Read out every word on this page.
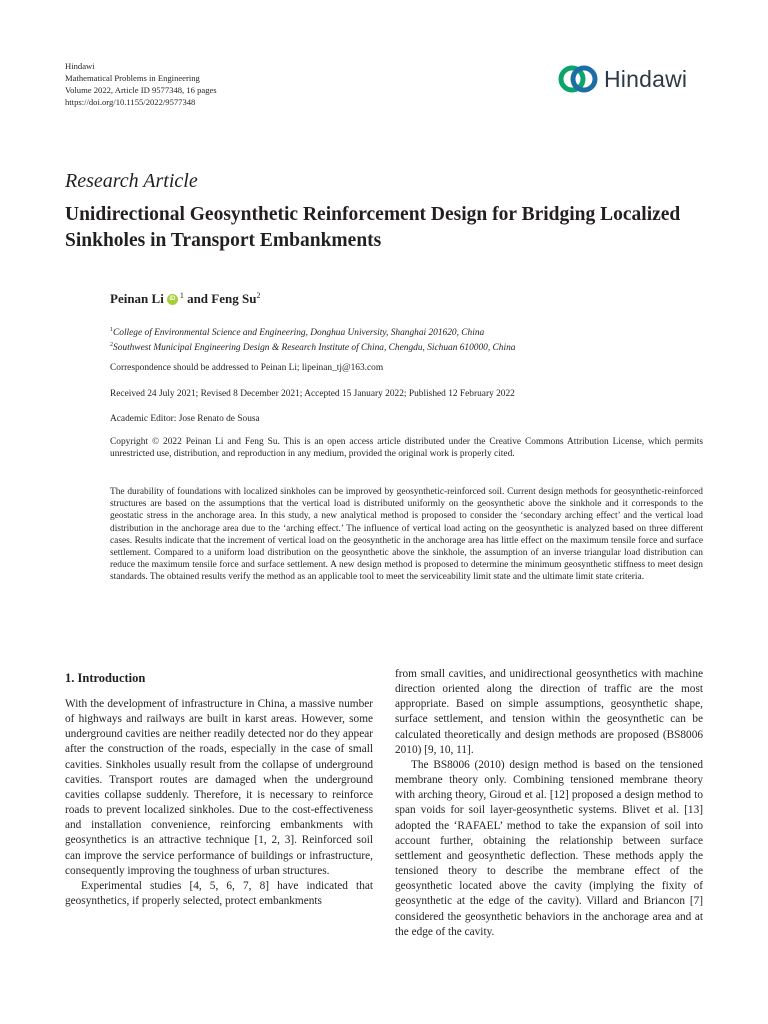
Hindawi
Mathematical Problems in Engineering
Volume 2022, Article ID 9577348, 16 pages
https://doi.org/10.1155/2022/9577348
Hindawi
Research Article
Unidirectional Geosynthetic Reinforcement Design for Bridging Localized Sinkholes in Transport Embankments
Peinan Li iD $^1$ and Feng Su$^2$
$^1$College of Environmental Science and Engineering, Donghua University, Shanghai 201620, China
$^2$Southwest Municipal Engineering Design & Research Institute of China, Chengdu, Sichuan 610000, China
Correspondence should be addressed to Peinan Li; lipeinan_tj@163.com
Received 24 July 2021; Revised 8 December 2021; Accepted 15 January 2022; Published 12 February 2022
Academic Editor: Jose Renato de Sousa
Copyright © 2022 Peinan Li and Feng Su. This is an open access article distributed under the Creative Commons Attribution License, which permits unrestricted use, distribution, and reproduction in any medium, provided the original work is properly cited.
The durability of foundations with localized sinkholes can be improved by geosynthetic-reinforced soil. Current design methods for geosynthetic-reinforced structures are based on the assumptions that the vertical load is distributed uniformly on the geosynthetic above the sinkhole and it corresponds to the geostatic stress in the anchorage area. In this study, a new analytical method is proposed to consider the ‘secondary arching effect’ and the vertical load distribution in the anchorage area due to the ‘arching effect.’ The influence of vertical load acting on the geosynthetic is analyzed based on three different cases. Results indicate that the increment of vertical load on the geosynthetic in the anchorage area has little effect on the maximum tensile force and surface settlement. Compared to a uniform load distribution on the geosynthetic above the sinkhole, the assumption of an inverse triangular load distribution can reduce the maximum tensile force and surface settlement. A new design method is proposed to determine the minimum geosynthetic stiffness to meet design standards. The obtained results verify the method as an applicable tool to meet the serviceability limit state and the ultimate limit state criteria.
1. Introduction

With the development of infrastructure in China, a massive number of highways and railways are built in karst areas. However, some underground cavities are neither readily detected nor do they appear after the construction of the roads, especially in the case of small cavities. Sinkholes usually result from the collapse of underground cavities. Transport routes are damaged when the underground cavities collapse suddenly. Therefore, it is necessary to reinforce roads to prevent localized sinkholes. Due to the cost-effectiveness and installation convenience, reinforcing embankments with geosynthetics is an attractive technique [1, 2, 3]. Reinforced soil can improve the service performance of buildings or infrastructure, consequently improving the toughness of urban structures.

Experimental studies [4, 5, 6, 7, 8] have indicated that geosynthetics, if properly selected, protect embankments

from small cavities, and unidirectional geosynthetics with machine direction oriented along the direction of traffic are the most appropriate. Based on simple assumptions, geosynthetic shape, surface settlement, and tension within the geosynthetic can be calculated theoretically and design methods are proposed (BS8006 2010) [9, 10, 11].

The BS8006 (2010) design method is based on the tensioned membrane theory only. Combining tensioned membrane theory with arching theory, Giroud et al. [12] proposed a design method to span voids for soil layer-geosynthetic systems. Blivet et al. [13] adopted the ‘RAFAEL’ method to take the expansion of soil into account further, obtaining the relationship between surface settlement and geosynthetic deflection. These methods apply the tensioned theory to describe the membrane effect of the geosynthetic located above the cavity (implying the fixity of geosynthetic at the edge of the cavity). Villard and Briancon [7] considered the geosynthetic behaviors in the anchorage area and at the edge of the cavity.
